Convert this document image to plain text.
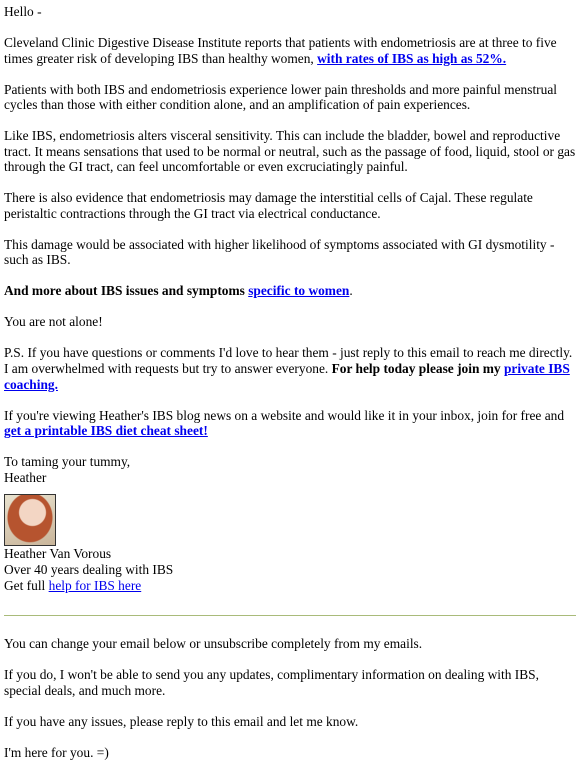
Hello -

Cleveland Clinic Digestive Disease Institute reports that patients with endometriosis are at three to five times greater risk of developing IBS than healthy women, with rates of IBS as high as 52%.

Patients with both IBS and endometriosis experience lower pain thresholds and more painful menstrual cycles than those with either condition alone, and an amplification of pain experiences.

Like IBS, endometriosis alters visceral sensitivity. This can include the bladder, bowel and reproductive tract. It means sensations that used to be normal or neutral, such as the passage of food, liquid, stool or gas through the GI tract, can feel uncomfortable or even excruciatingly painful.

There is also evidence that endometriosis may damage the interstitial cells of Cajal. These regulate peristaltic contractions through the GI tract via electrical conductance.

This damage would be associated with higher likelihood of symptoms associated with GI dysmotility - such as IBS.

And more about IBS issues and symptoms specific to women.

You are not alone!

P.S. If you have questions or comments I'd love to hear them - just reply to this email to reach me directly. I am overwhelmed with requests but try to answer everyone. For help today please join my private IBS coaching.

If you're viewing Heather's IBS blog news on a website and would like it in your inbox, join for free and get a printable IBS diet cheat sheet!

To taming your tummy,
Heather
Heather Van Vorous
Over 40 years dealing with IBS
Get full help for IBS here

You can change your email below or unsubscribe completely from my emails.

If you do, I won't be able to send you any updates, complimentary information on dealing with IBS, special deals, and much more.

If you have any issues, please reply to this email and let me know.

I'm here for you. =)
